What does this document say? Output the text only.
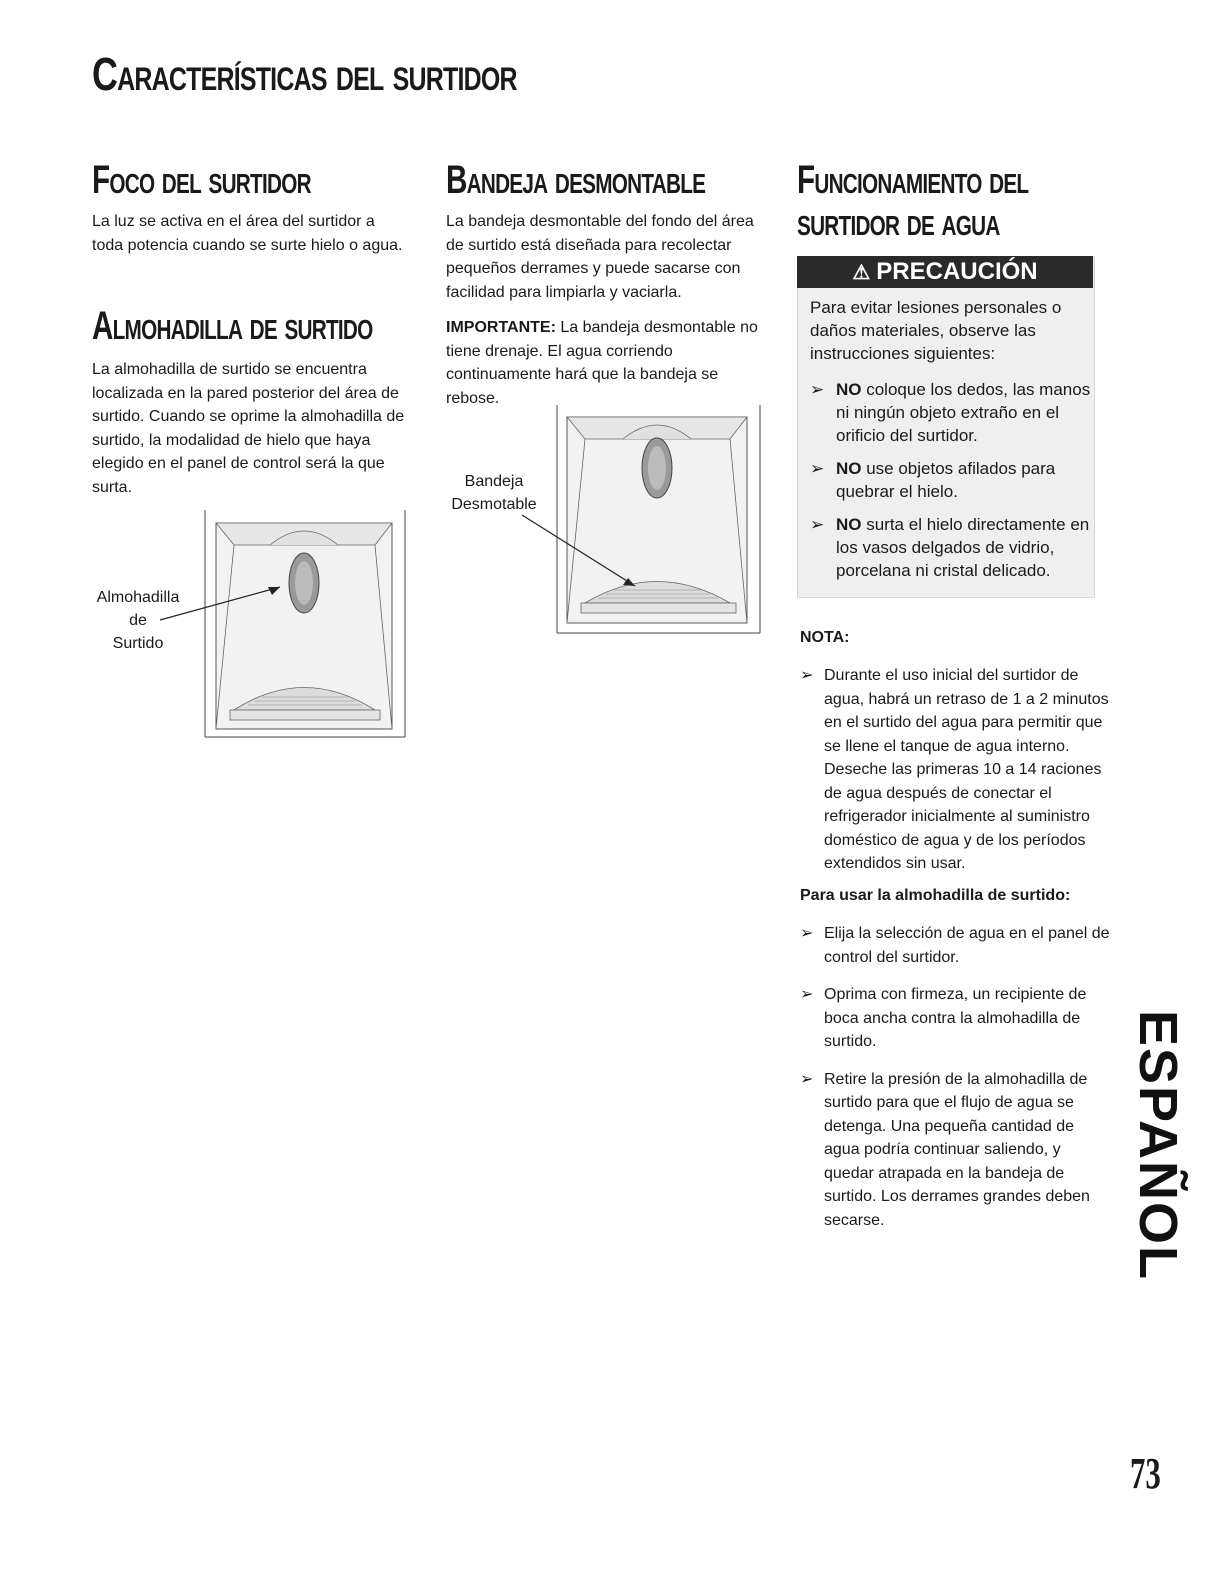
Características del surtidor
Foco del surtidor

La luz se activa en el área del surtidor a toda potencia cuando se surte hielo o agua.

Almohadilla de surtido

La almohadilla de surtido se encuentra localizada en la pared posterior del área de surtido. Cuando se oprime la almohadilla de surtido, la modalidad de hielo que haya elegido en el panel de control será la que surta.

Almohadilla
de
Surtido
Bandeja desmontable

La bandeja desmontable del fondo del área de surtido está diseñada para recolectar pequeños derrames y puede sacarse con facilidad para limpiarla y vaciarla.

IMPORTANTE: La bandeja desmontable no tiene drenaje. El agua corriendo continuamente hará que la bandeja se rebose.

Bandeja
Desmotable
Funcionamiento del
surtidor de agua
⚠ PRECAUCIÓN

Para evitar lesiones personales o daños materiales, observe las instrucciones siguientes:

➢ NO coloque los dedos, las manos ni ningún objeto extraño en el orificio del surtidor.
➢ NO use objetos afilados para quebrar el hielo.
➢ NO surta el hielo directamente en los vasos delgados de vidrio, porcelana ni cristal delicado.

NOTA:

➢ Durante el uso inicial del surtidor de agua, habrá un retraso de 1 a 2 minutos en el surtido del agua para permitir que se llene el tanque de agua interno. Deseche las primeras 10 a 14 raciones de agua después de conectar el refrigerador inicialmente al suministro doméstico de agua y de los períodos extendidos sin usar.

Para usar la almohadilla de surtido:

➢ Elija la selección de agua en el panel de control del surtidor.
➢ Oprima con firmeza, un recipiente de boca ancha contra la almohadilla de surtido.
➢ Retire la presión de la almohadilla de surtido para que el flujo de agua se detenga. Una pequeña cantidad de agua podría continuar saliendo, y quedar atrapada en la bandeja de surtido. Los derrames grandes deben secarse.	ESPAÑOL
73
